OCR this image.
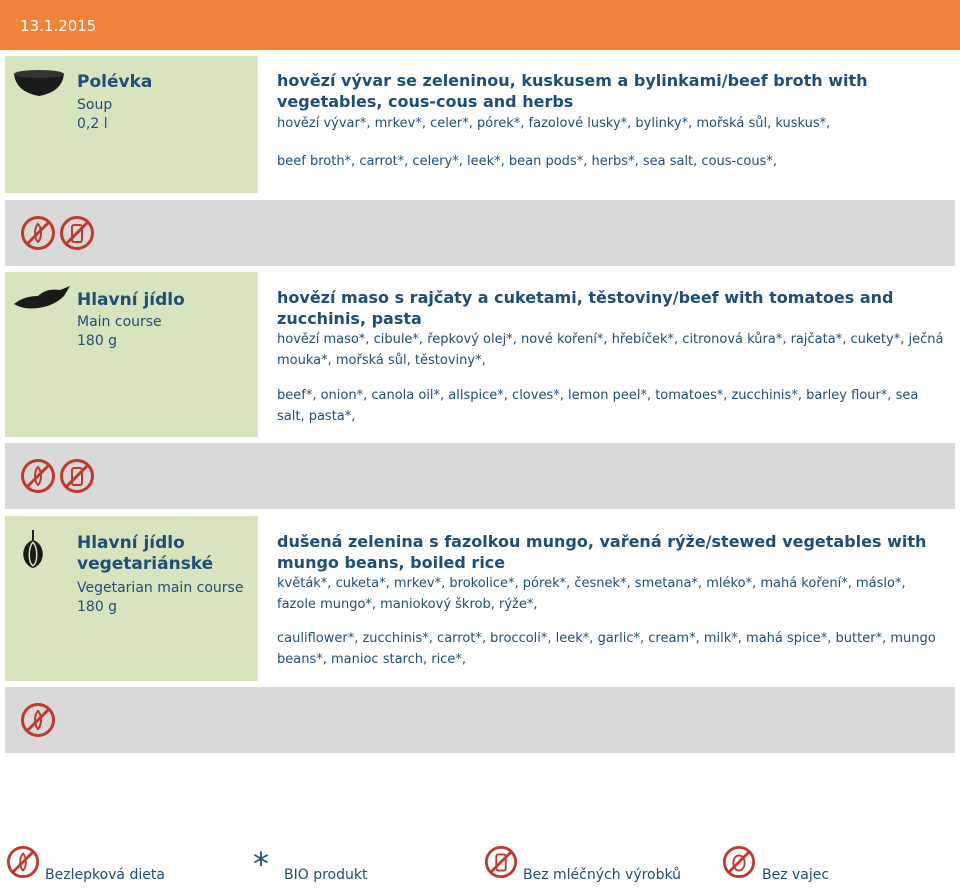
13.1.2015
Polévka
Soup
0,2 l
hovězí vývar se zeleninou, kuskusem a bylinkami/beef broth with vegetables, cous-cous and herbs
hovězí vývar*, mrkev*, celer*, pórek*, fazolové lusky*, bylinky*, mořská sůl, kuskus*,
beef broth*, carrot*, celery*, leek*, bean pods*, herbs*, sea salt, cous-cous*,
Hlavní jídlo
Main course
180 g
hovězí maso s rajčaty a cuketami, těstoviny/beef with tomatoes and zucchinis, pasta
hovězí maso*, cibule*, řepkový olej*, nové koření*, hřebíček*, citronová kůra*, rajčata*, cukety*, ječná mouka*, mořská sůl, těstoviny*,
beef*, onion*, canola oil*, allspice*, cloves*, lemon peel*, tomatoes*, zucchinis*, barley flour*, sea salt, pasta*,
Hlavní jídlo vegetariánské
Vegetarian main course
180 g
dušená zelenina s fazolkou mungo, vařená rýže/stewed vegetables with mungo beans, boiled rice
květák*, cuketa*, mrkev*, brokolice*, pórek*, česnek*, smetana*, mléko*, mahá koření*, máslo*, fazole mungo*, maniokový škrob, rýže*,
cauliflower*, zucchinis*, carrot*, broccoli*, leek*, garlic*, cream*, milk*, mahá spice*, butter*, mungo beans*, manioc starch, rice*,
Bezlepková dieta	* BIO produkt	Bez mléčných výrobků	Bez vajec
